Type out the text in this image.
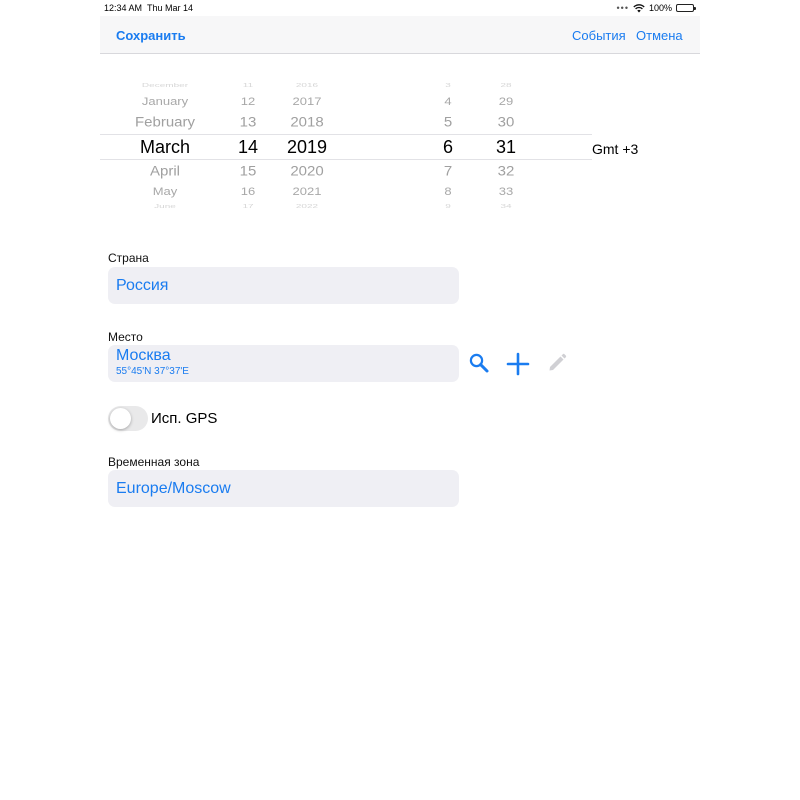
12:34 AM Thu Mar 14	••• 100%
Сохранить	События Отмена
December
January
February
March
April
May
June
11
12
13
14
15
16
17
2016
2017
2018
2019
2020
2021
2022
3
4
5
6
7
8
9
28
29
30
31
32
33
34
Gmt +3
Страна
Россия
Место
Москва
55°45'N 37°37'E
Исп. GPS
Временная зона
Europe/Moscow
